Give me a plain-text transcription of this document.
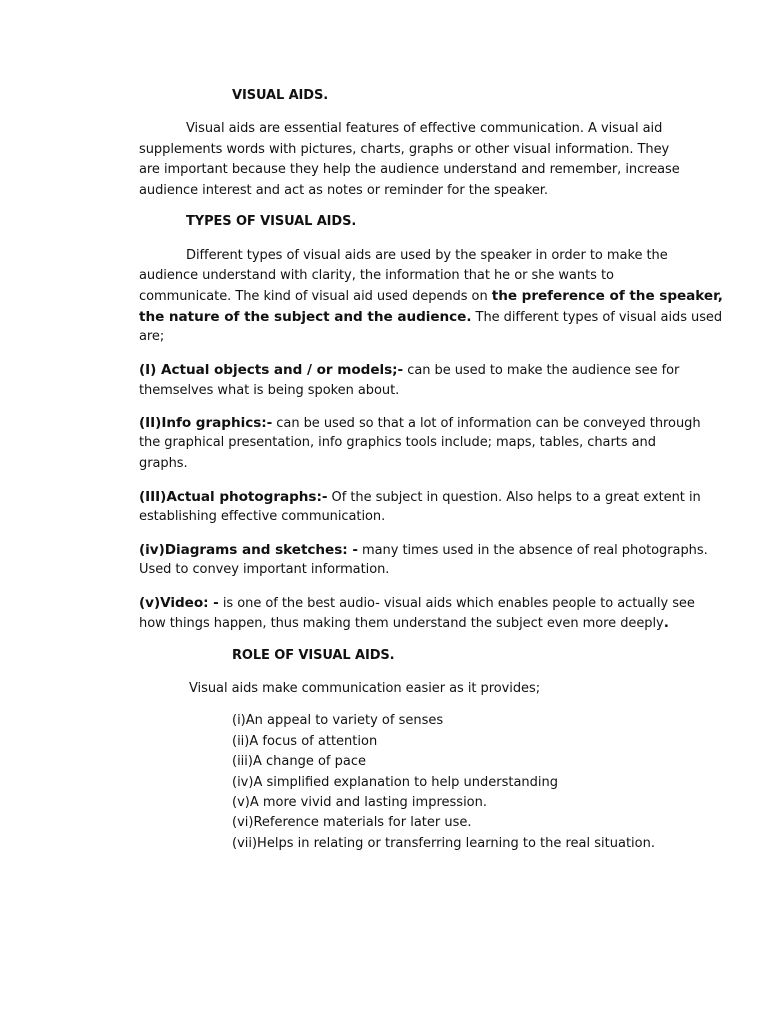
VISUAL AIDS.

Visual aids are essential features of effective communication. A visual aid

supplements words with pictures, charts, graphs or other visual information. They

are important because they help the audience understand and remember, increase

audience interest and act as notes or reminder for the speaker.

TYPES OF VISUAL AIDS.

Different types of visual aids are used by the speaker in order to make the

audience understand with clarity, the information that he or she wants to

communicate. The kind of visual aid used depends on the preference of the speaker,

the nature of the subject and the audience. The different types of visual aids used

are;

(I) Actual objects and / or models;- can be used to make the audience see for

themselves what is being spoken about.

(II)Info graphics:- can be used so that a lot of information can be conveyed through

the graphical presentation, info graphics tools include; maps, tables, charts and

graphs.

(III)Actual photographs:- Of the subject in question. Also helps to a great extent in

establishing effective communication.

(iv)Diagrams and sketches: - many times used in the absence of real photographs.

Used to convey important information.

(v)Video: - is one of the best audio- visual aids which enables people to actually see

how things happen, thus making them understand the subject even more deeply.

ROLE OF VISUAL AIDS.

Visual aids make communication easier as it provides;

(i)An appeal to variety of senses

(ii)A focus of attention

(iii)A change of pace

(iv)A simplified explanation to help understanding

(v)A more vivid and lasting impression.

(vi)Reference materials for later use.

(vii)Helps in relating or transferring learning to the real situation.
